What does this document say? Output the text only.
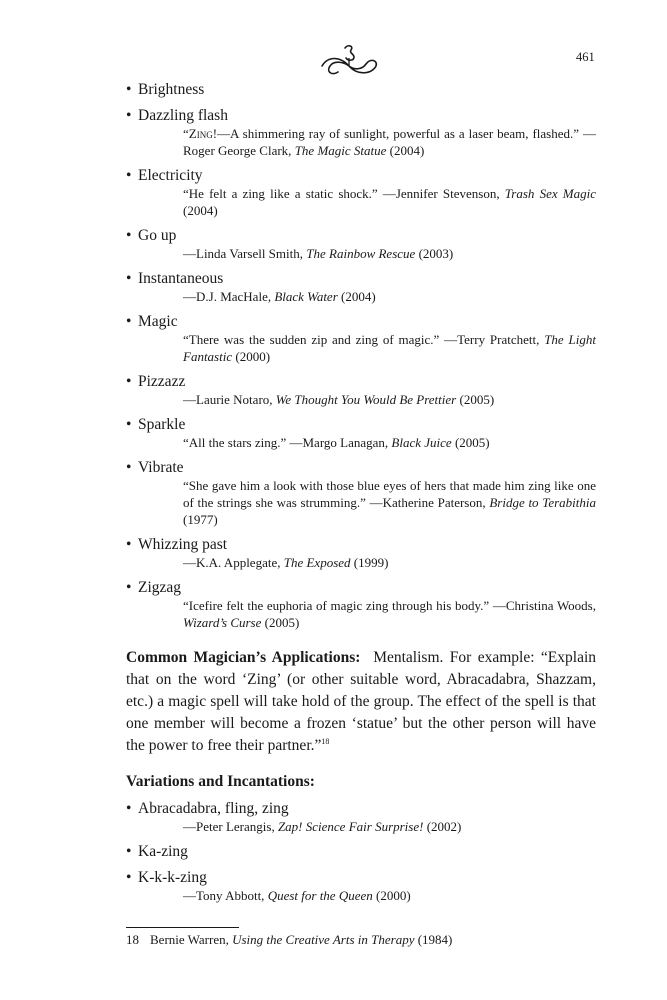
461
• Brightness
• Dazzling flash
“Zing!—A shimmering ray of sunlight, powerful as a laser beam, flashed.” —Roger George Clark, The Magic Statue (2004)
• Electricity
“He felt a zing like a static shock.” —Jennifer Stevenson, Trash Sex Magic (2004)
• Go up
—Linda Varsell Smith, The Rainbow Rescue (2003)
• Instantaneous
—D.J. MacHale, Black Water (2004)
• Magic
“There was the sudden zip and zing of magic.” —Terry Pratchett, The Light Fantastic (2000)
• Pizzazz
—Laurie Notaro, We Thought You Would Be Prettier (2005)
• Sparkle
“All the stars zing.” —Margo Lanagan, Black Juice (2005)
• Vibrate
“She gave him a look with those blue eyes of hers that made him zing like one of the strings she was strumming.” —Katherine Paterson, Bridge to Terabithia (1977)
• Whizzing past
—K.A. Applegate, The Exposed (1999)
• Zigzag
“Icefire felt the euphoria of magic zing through his body.” —Christina Woods, Wizard’s Curse (2005)
Common Magician’s Applications: Mentalism. For example: “Explain that on the word ‘Zing’ (or other suitable word, Abracadabra, Shazzam, etc.) a magic spell will take hold of the group. The effect of the spell is that one member will become a frozen ‘statue’ but the other person will have the power to free their partner.”$^{18}$
Variations and Incantations:
• Abracadabra, fling, zing
—Peter Lerangis, Zap! Science Fair Surprise! (2002)
• Ka-zing
• K-k-k-zing
—Tony Abbott, Quest for the Queen (2000)
18 Bernie Warren, Using the Creative Arts in Therapy (1984)
